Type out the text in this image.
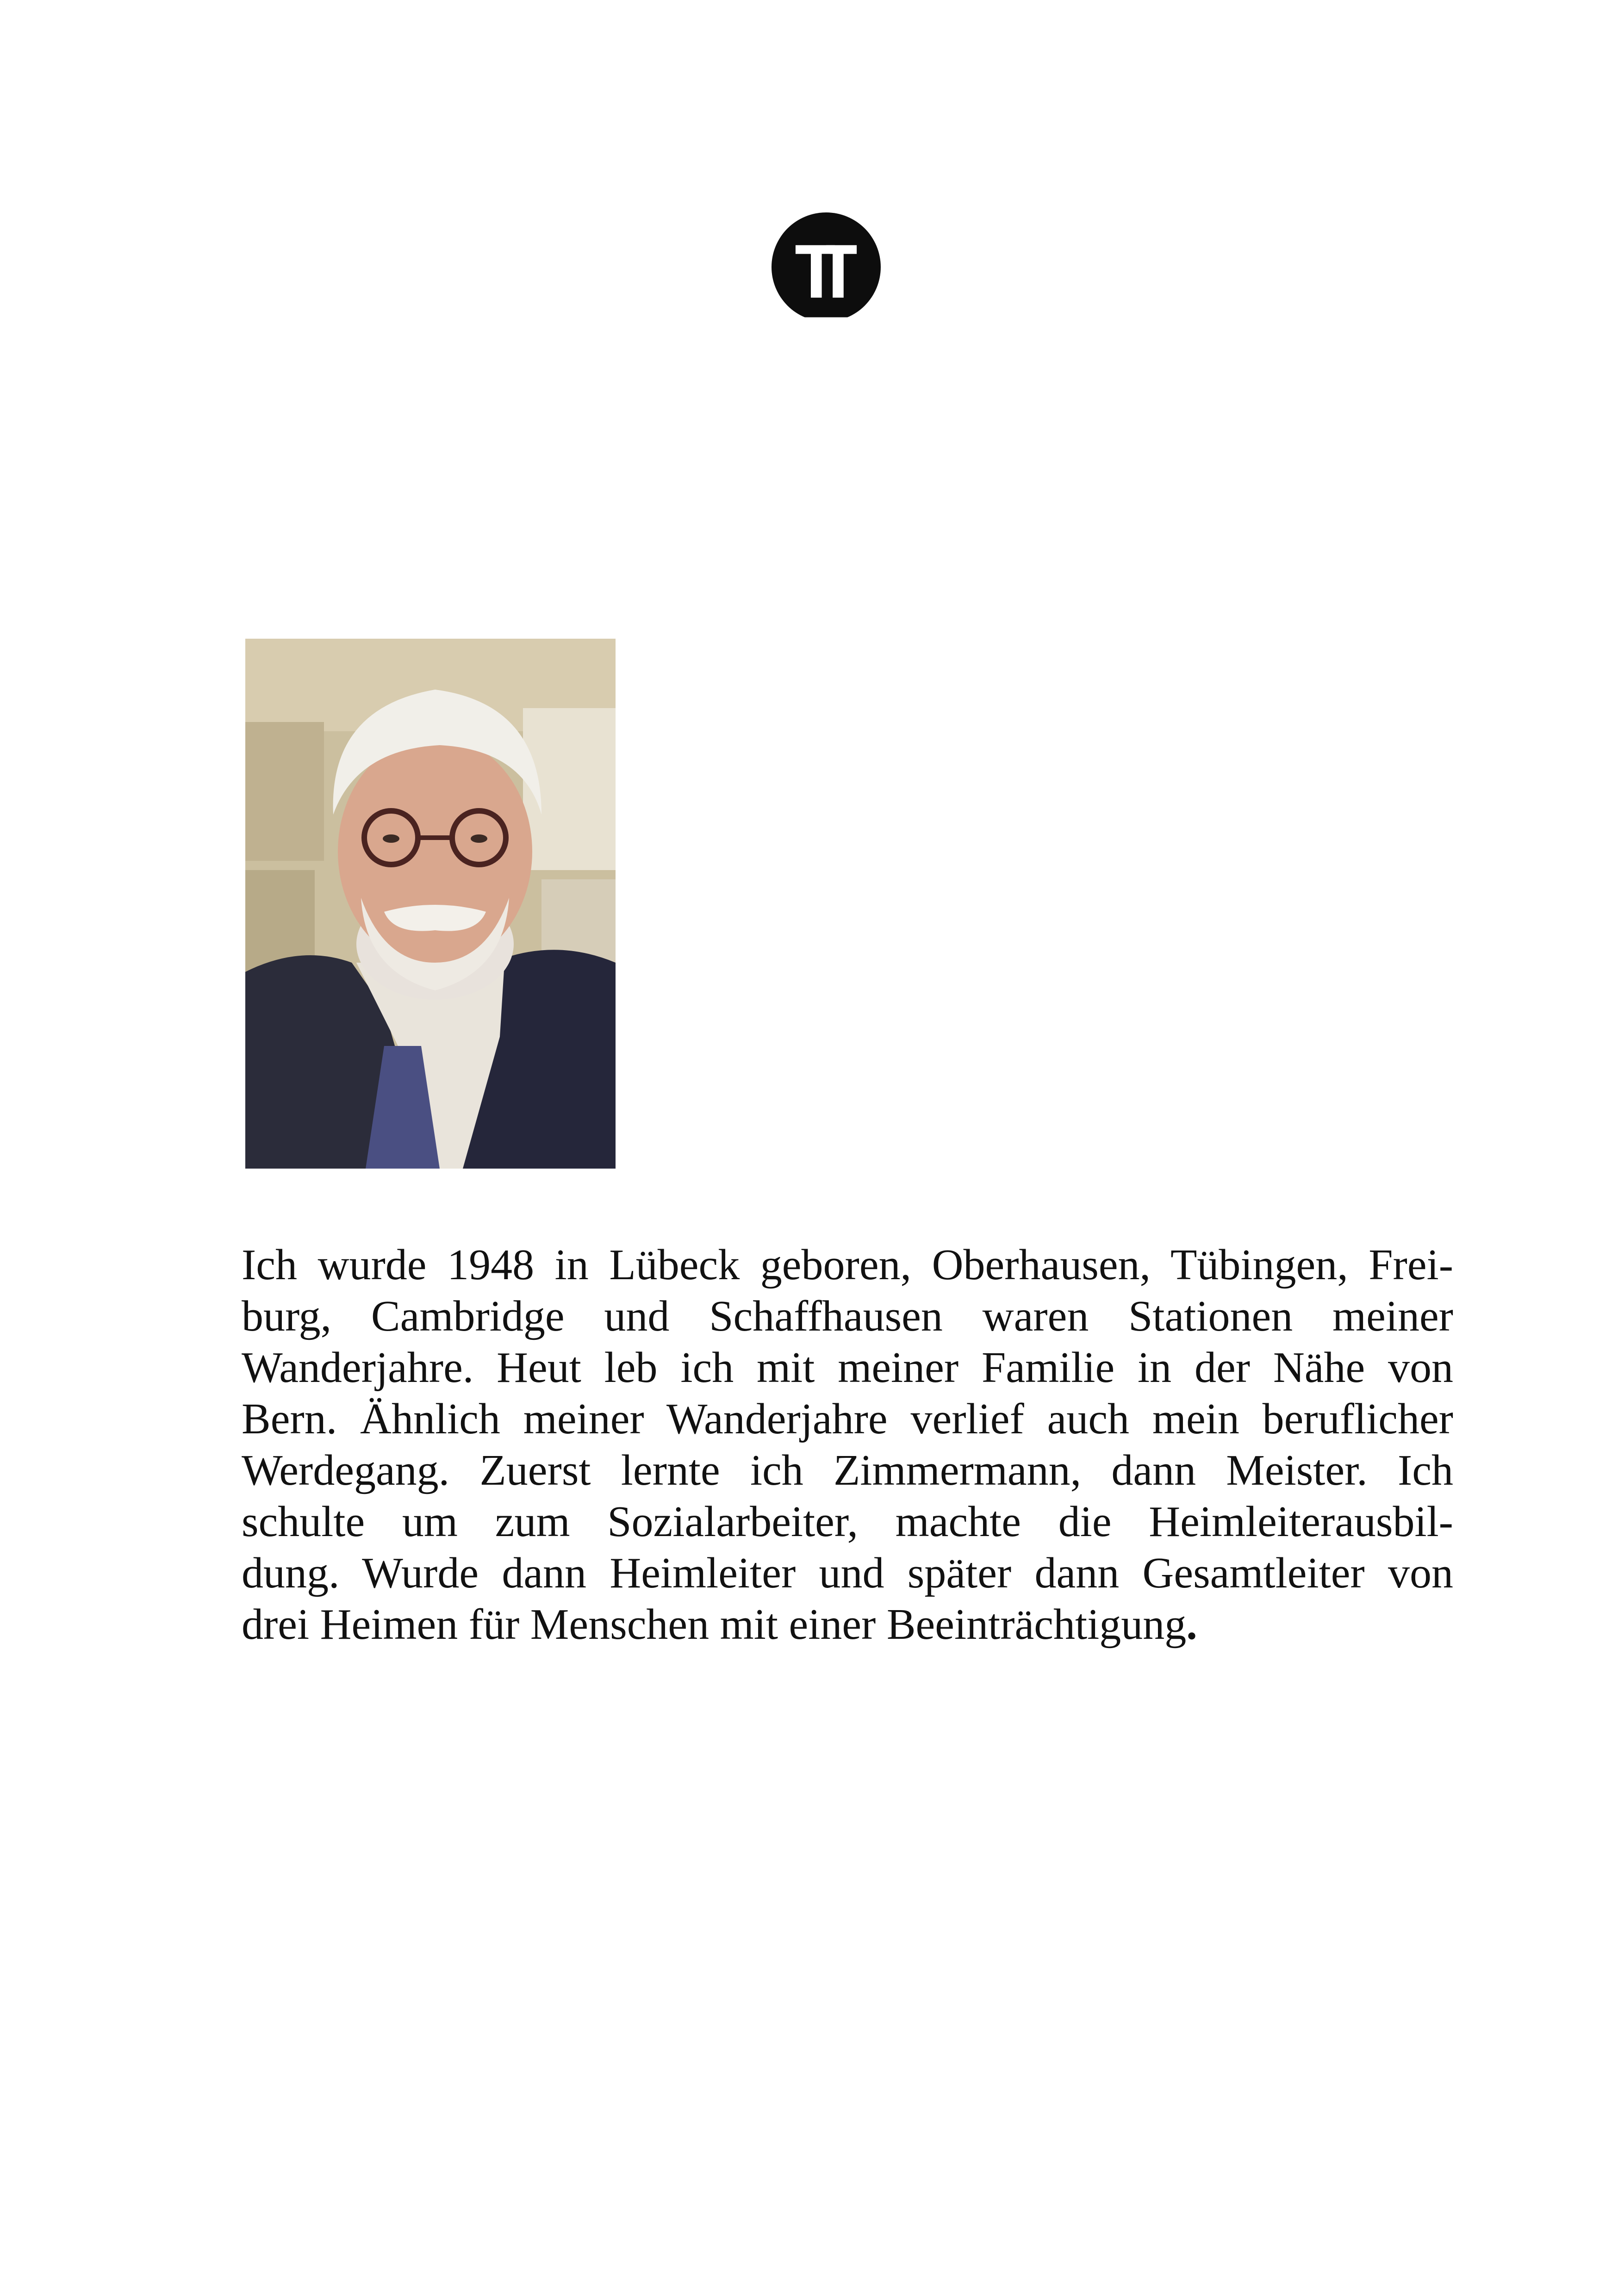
Ich wurde 1948 in Lübeck geboren, Oberhausen, Tübingen, Frei-
burg, Cambridge und Schaffhausen waren Stationen meiner
Wanderjahre. Heut leb ich mit meiner Familie in der Nähe von
Bern. Ähnlich meiner Wanderjahre verlief auch mein beruflicher
Werdegang. Zuerst lernte ich Zimmermann, dann Meister. Ich
schulte um zum Sozialarbeiter, machte die Heimleiterausbil-
dung. Wurde dann Heimleiter und später dann Gesamtleiter von
drei Heimen für Menschen mit einer Beeinträchtigung.
